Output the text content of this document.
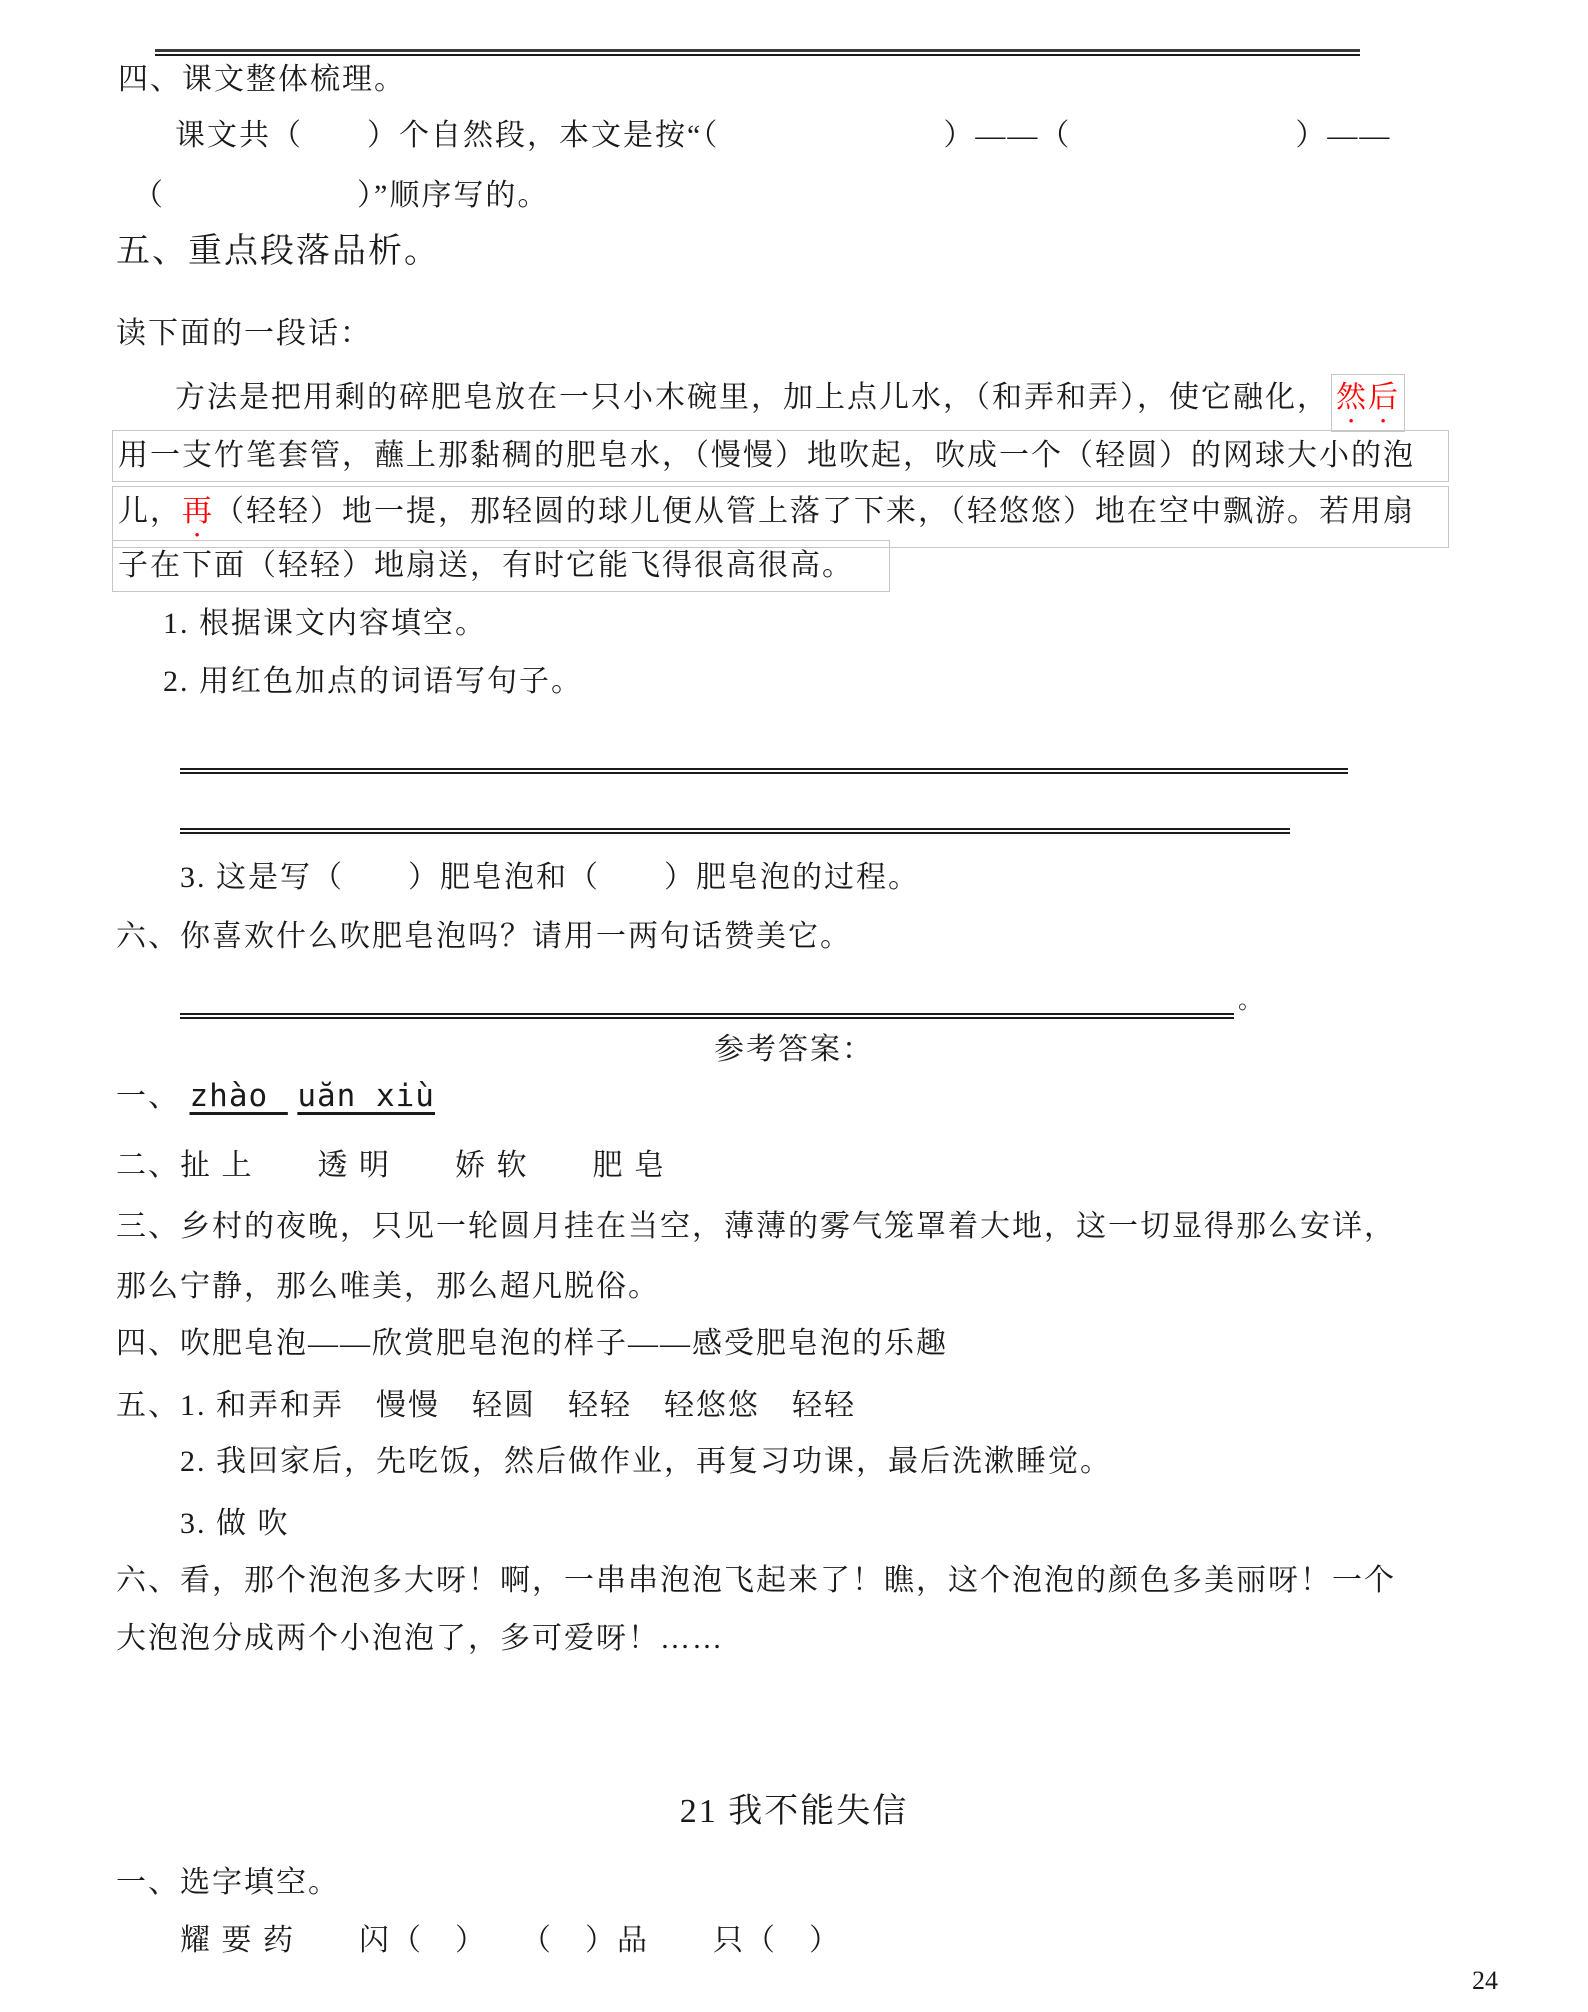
四、课文整体梳理。
课文共（　　）个自然段，本文是按“（　　　　　　　）——（　　　　　　　）——
（　　　　　　）”顺序写的。
五、重点段落品析。
读下面的一段话：
方法是把用剩的碎肥皂放在一只小木碗里，加上点儿水，（和弄和弄），使它融化， 然后
用一支竹笔套管，蘸上那黏稠的肥皂水，（慢慢）地吹起，吹成一个（轻圆）的网球大小的泡
儿，再（轻轻）地一提，那轻圆的球儿便从管上落了下来，（轻悠悠）地在空中飘游。若用扇
子在下面（轻轻）地扇送，有时它能飞得很高很高。
1. 根据课文内容填空。
2. 用红色加点的词语写句子。
3. 这是写（　　）肥皂泡和（　　）肥皂泡的过程。
六、你喜欢什么吹肥皂泡吗？请用一两句话赞美它。
。
参考答案：
一、 zhào  uăn xiù
二、扯 上　　透 明　　娇 软　　肥 皂
三、乡村的夜晚，只见一轮圆月挂在当空，薄薄的雾气笼罩着大地，这一切显得那么安详，
那么宁静，那么唯美，那么超凡脱俗。
四、吹肥皂泡——欣赏肥皂泡的样子——感受肥皂泡的乐趣
五、1. 和弄和弄　慢慢　轻圆　轻轻　轻悠悠　轻轻
2. 我回家后，先吃饭，然后做作业，再复习功课，最后洗漱睡觉。
3. 做 吹
六、看，那个泡泡多大呀！啊，一串串泡泡飞起来了！瞧，这个泡泡的颜色多美丽呀！一个
大泡泡分成两个小泡泡了，多可爱呀！……
21 我不能失信
一、选字填空。
耀 要 药　　闪（　）　　（　）品　　只（　）
24
